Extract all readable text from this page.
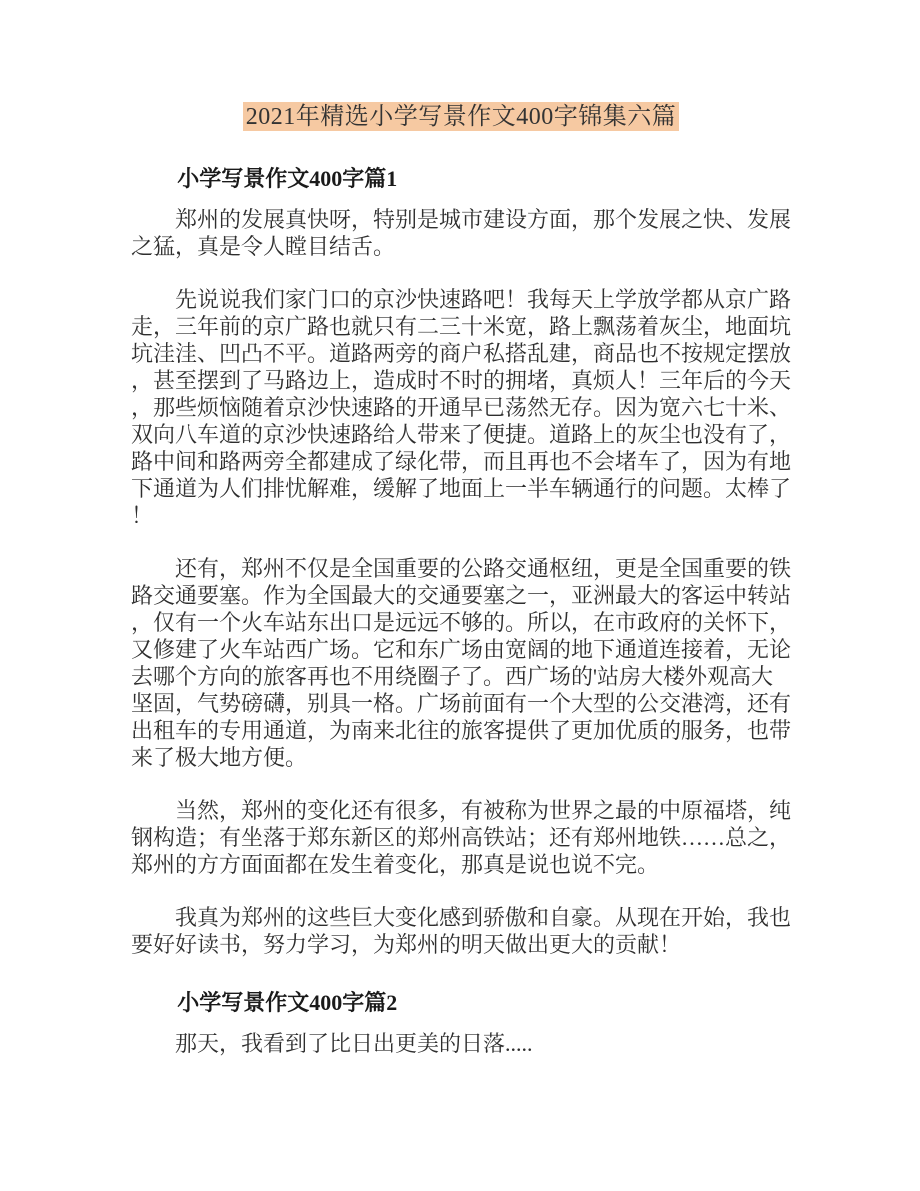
2021年精选小学写景作文400字锦集六篇
小学写景作文400字篇1

郑州的发展真快呀，特别是城市建设方面，那个发展之快、发展之猛，真是令人瞠目结舌。

先说说我们家门口的京沙快速路吧！我每天上学放学都从京广路走，三年前的京广路也就只有二三十米宽，路上飘荡着灰尘，地面坑坑洼洼、凹凸不平。道路两旁的商户私搭乱建，商品也不按规定摆放，甚至摆到了马路边上，造成时不时的拥堵，真烦人！三年后的今天，那些烦恼随着京沙快速路的开通早已荡然无存。因为宽六七十米、双向八车道的京沙快速路给人带来了便捷。道路上的灰尘也没有了，路中间和路两旁全都建成了绿化带，而且再也不会堵车了，因为有地下通道为人们排忧解难，缓解了地面上一半车辆通行的问题。太棒了！

还有，郑州不仅是全国重要的公路交通枢纽，更是全国重要的铁路交通要塞。作为全国最大的交通要塞之一，亚洲最大的客运中转站，仅有一个火车站东出口是远远不够的。所以，在市政府的关怀下，又修建了火车站西广场。它和东广场由宽阔的地下通道连接着，无论去哪个方向的旅客再也不用绕圈子了。西广场的'站房大楼外观高大坚固，气势磅礴，别具一格。广场前面有一个大型的公交港湾，还有出租车的专用通道，为南来北往的旅客提供了更加优质的服务，也带来了极大地方便。

当然，郑州的变化还有很多，有被称为世界之最的中原福塔，纯钢构造；有坐落于郑东新区的郑州高铁站；还有郑州地铁……总之，郑州的方方面面都在发生着变化，那真是说也说不完。

我真为郑州的这些巨大变化感到骄傲和自豪。从现在开始，我也要好好读书，努力学习，为郑州的明天做出更大的贡献！

小学写景作文400字篇2

那天，我看到了比日出更美的日落.....
